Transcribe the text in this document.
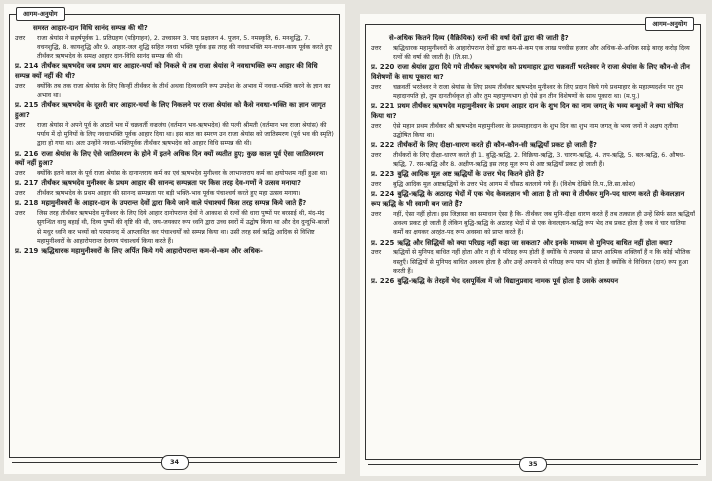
आगम-अनुयोग

समस्त आहार-दान विधि सानंद सम्पन्न की थी?

उत्तर	राजा श्रेयांस ने सहर्षपूर्वक 1. प्रतिग्रहण (पड़िगाहन), 2. उच्चासन 3. पाद प्रक्षालन 4. पूजन, 5. नमस्कृति, 6. मनशुद्धि, 7. वचनशुद्धि, 8. कायशुद्धि और 9. आहार-जल शुद्धि सहित नवधा भक्ति पूर्वक इस तरह की नवधाभक्ति मन-वचन-काय पूर्वक करते हुए तीर्थंकर ऋषभदेव के समक्ष आहार दान-विधि सानंद सम्पन्न की थी।

प्र. 214 तीर्थंकर ऋषभदेव जब प्रथम बार आहार-चर्या को निकले थे तब राजा श्रेयांस ने नवधाभक्ति रूप आहार की विधि सम्पन्न क्यों नहीं की थी?

उत्तर	क्योंकि तब तक राजा श्रेयांस के लिए किन्हीं तीर्थंकर के तीर्थ अथवा दिव्यध्वनि रूप उपदेश के अभाव में नवधा-भक्ति करने के ज्ञान का अभाव था।

प्र. 215 तीर्थंकर ऋषभदेव के दूसरी बार आहार-चर्या के लिए निकलने पर राजा श्रेयांस को कैसे नवधा-भक्ति का ज्ञान जागृत हुआ?

उत्तर	राजा श्रेयांस ने अपने पूर्व के आठवें भव में चक्रवर्ती वज्रजंघ (वर्तमान भव-ऋषभदेव) की पत्नी श्रीमती (वर्तमान भव राजा श्रेयांस) की पर्याय में दो मुनियों के लिए नवधाभक्ति पूर्वक आहार दिया था। इस बात का स्मरण उन राजा श्रेयांस को जातिस्मरण (पूर्व भव की स्मृति) द्वारा हो गया था। अतः उन्होंने नवधा-भक्तिपूर्वक तीर्थंकर ऋषभदेव को आहार विधि सम्पन्न की थी।

प्र. 216 राजा श्रेयांस के लिए ऐसे जातिस्मरण के होने में इतने अधिक दिन क्यों व्यतीत हुए; कुछ काल पूर्व ऐसा जातिस्मरण क्यों नहीं हुआ?

उत्तर	क्योंकि इतने काल के पूर्व राजा श्रेयांस के दानान्तराय कर्म का एवं ऋषभदेव मुनीश्वर के लाभान्तराय कर्म का क्षयोपशम नहीं हुआ था।

प्र. 217 तीर्थंकर ऋषभदेव मुनीश्वर के प्रथम आहार की सानन्द सम्पन्नता पर किस तरह देव-गणों ने उत्सव मनाया?

उत्तर	तीर्थंकर ऋषभदेव के प्रथम आहार की सानन्द सम्पन्नता पर बड़ी भक्ति-भाव पूर्वक पंचाश्चर्य करते हुए महा उत्सव मनाया।

प्र. 218 महामुनीश्वरों के आहार-दान के उपरान्त देवों द्वारा किये जाने वाले पंचाश्चर्य किस तरह सम्पन्न किये जाते हैं?

उत्तर	जिस तरह तीर्थंकर ऋषभदेव मुनीश्वर के लिए दिये आहार दानोपरान्त देवों ने आकाश से रत्नों की धारा पुष्पों पर बरसाई थी, मंद-मंद सुगन्धित वायु बहाई थी, दिव्य पुष्पों की वृष्टि की थी, जय-जयकार रूप ध्वनि द्वारा उच्च स्वरों में उद्घोष किया था और देव दुन्दुभि-बाजों से मधुर ध्वनि कर भव्यों को परमानन्द में आप्लावित कर पंचाश्चर्यों को सम्पन्न किया था। उसी तरह सर्व ऋद्धि आदिक से विशिष्ट महामुनीश्वरों के आहारोपरान्त देवगण पंचाश्चर्य किया करते हैं।

प्र. 219 ऋद्धिधारक महामुनीश्वरों के लिए अर्पित किये गये आहारोपरान्त कम-से-कम और अधिक-

34
आगम-अनुयोग

से-अधिक कितने दिव्य (वैक्रियिक) रत्नों की वर्षा देवों द्वारा की जाती है?

उत्तर	ऋद्धिधारक महामुनीश्वरों के आहारोपरान्त देवों द्वारा कम-से-कम एक लाख पच्चीस हजार और अधिक-से-अधिक साढ़े बारह करोड़ दिव्य रत्नों की वर्षा की जाती है। (ति.सा.)

प्र. 220 राजा श्रेयांस द्वारा दिये गये तीर्थंकर ऋषभदेव को प्रथमाहार द्वारा चक्रवर्ती भरतेश्वर ने राजा श्रेयांस के लिए कौन-से तीन विशेषणों के साथ पूकारा था?

उत्तर	चक्रवर्ती भरतेश्वर ने राजा श्रेयांस के लिए प्रथम तीर्थंकर ऋषभदेव मुनीश्वर के लिए प्रदान किये गये प्रथमाहार के महात्म्यदर्शन पर तुम महादानपति हो, तुम दानतीर्थकृत हो और तुम महापुण्यभाग हो ऐसे इन तीन विशेषणों के साथ पूकारा था। (म.पु.)

प्र. 221 प्रथम तीर्थंकर ऋषभदेव महामुनीश्वर के प्रथम आहार दान के शुभ दिन का नाम जगत् के भव्य बन्धुओं ने क्या घोषित किया था?

उत्तर	ऐसे महान प्रथम तीर्थंकर श्री ऋषभदेव महामुनीश्वर के प्रथमाहारदान के शुभ दिन का शुभ नाम जगत् के भव्य जनों ने अक्षय तृतीया उद्घोषित किया था।

प्र. 222 तीर्थंकरों के लिए दीक्षा-धारण करते ही कौन-कौन-सी ऋद्धियाँ प्रकट हो जाती हैं?

उत्तर	तीर्थंकरों के लिए दीक्षा-धारण करते ही 1. बुद्धि-ऋद्धि, 2. विक्रिया-ऋद्धि, 3. चारण-ऋद्धि, 4. तप-ऋद्धि, 5. बल-ऋद्धि, 6. औषध-ऋद्धि, 7. रस-ऋद्धि और 8. अक्षीण-ऋद्धि इस तरह मूल रूप से अष्ट ऋद्धियाँ प्रकट हो जाती हैं।

प्र. 223 बुद्धि आदिक मूल अष्ट ऋद्धियों के उत्तर भेद कितने होते हैं?

उत्तर	बुद्धि आदिक मूल अष्टऋद्धियों के उत्तर भेद आगम में चौंसठ बतलाये गये हैं। (विशेष देखिये ति.प.,ति.सा.कोश)

प्र. 224 बुद्धि-ऋद्धि के अठारह भेदों में एक भेद केवलज्ञान भी आता है तो क्या वे तीर्थंकर मुनि-पद धारण करते ही केवलज्ञान रूप ऋद्धि के भी स्वामी बन जाते हैं?

उत्तर	नहीं, ऐसा नहीं होता। इस जिज्ञासा का समाधान ऐसा है कि- तीर्थंकर जब मुनि-दीक्षा धारण करते हैं तब तत्काल ही उन्हें सिर्फ सात ऋद्धियाँ अवश्य प्रकट हो जाती हैं लेकिन बुद्धि-ऋद्धि के अठारह भेदों में से एक केवलज्ञान-ऋद्धि रूप भेद तब प्रकट होता है जब वे चार घातिया कर्मों का क्षयकर अरहंत-पद रूप अवस्था को प्राप्त करते हैं।

प्र. 225 ऋद्धि और सिद्धियों को क्या परिग्रह नहीं कहा जा सकता? और इनके माध्यम से मुनिपद बाधित नहीं होता क्या?

उत्तर	ऋद्धियों से मुनिपद बाधित नहीं होता और न ही ये परिग्रह रूप होती हैं क्योंकि ये तपस्या से प्राप्त आत्मिक शक्तियाँ हैं न कि कोई भौतिक वस्तुएँ। सिद्धियों से मुनिपद बाधित अवश्य होता है और उन्हें अपनाने से परिग्रह रूप पाप भी होता है क्योंकि वे विधिवत (दान) रूप हुआ करती हैं।

प्र. 226 बुद्धि-ऋद्धि के तेरहवें भेद दसपूर्वित्व में जो विद्यानुप्रवाद नामक पूर्व होता है उसके अध्ययन

35
